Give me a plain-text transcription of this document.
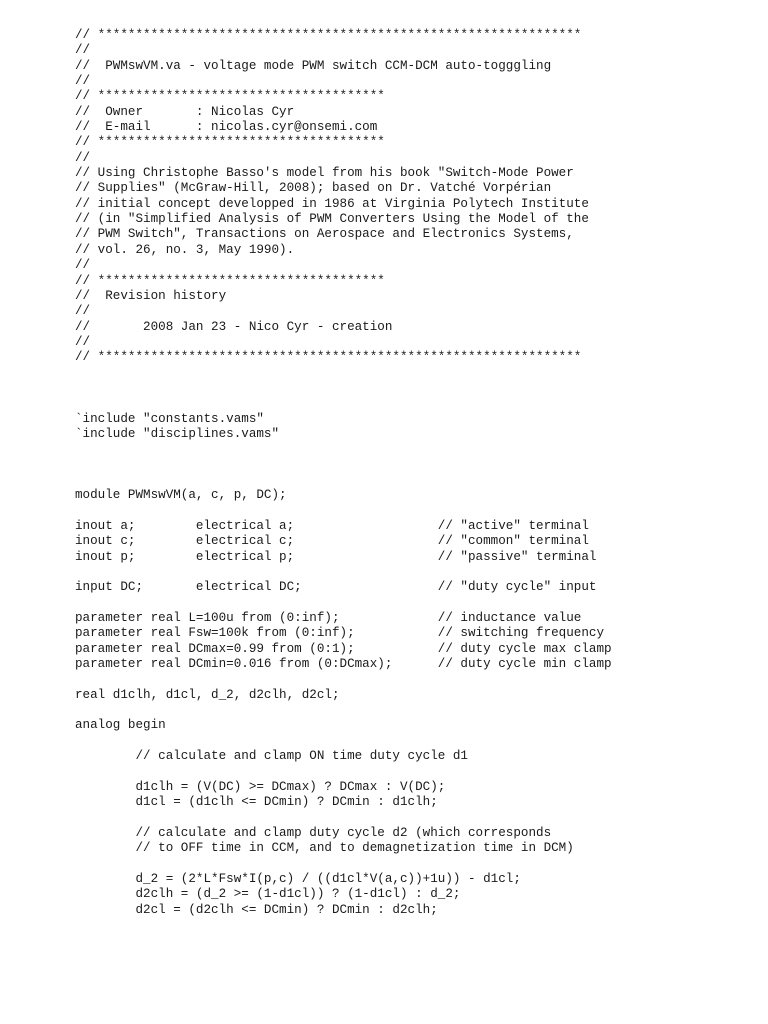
// ****************************************************************
//
//  PWMswVM.va - voltage mode PWM switch CCM-DCM auto-togggling
//
// **************************************
//  Owner       : Nicolas Cyr
//  E-mail      : nicolas.cyr@onsemi.com
// **************************************
//
// Using Christophe Basso's model from his book "Switch-Mode Power
// Supplies" (McGraw-Hill, 2008); based on Dr. Vatché Vorpérian
// initial concept developped in 1986 at Virginia Polytech Institute
// (in "Simplified Analysis of PWM Converters Using the Model of the
// PWM Switch", Transactions on Aerospace and Electronics Systems,
// vol. 26, no. 3, May 1990).
//
// **************************************
//  Revision history
//
//       2008 Jan 23 - Nico Cyr - creation
//
// ****************************************************************
`include "constants.vams"
`include "disciplines.vams"
module PWMswVM(a, c, p, DC);
inout a;        electrical a;                   // "active" terminal
inout c;        electrical c;                   // "common" terminal
inout p;        electrical p;                   // "passive" terminal
input DC;       electrical DC;                  // "duty cycle" input
parameter real L=100u from (0:inf);             // inductance value
parameter real Fsw=100k from (0:inf);           // switching frequency
parameter real DCmax=0.99 from (0:1);           // duty cycle max clamp
parameter real DCmin=0.016 from (0:DCmax);      // duty cycle min clamp
real d1clh, d1cl, d_2, d2clh, d2cl;
analog begin
// calculate and clamp ON time duty cycle d1
d1clh = (V(DC) >= DCmax) ? DCmax : V(DC);
d1cl = (d1clh <= DCmin) ? DCmin : d1clh;
// calculate and clamp duty cycle d2 (which corresponds
// to OFF time in CCM, and to demagnetization time in DCM)
d_2 = (2*L*Fsw*I(p,c) / ((d1cl*V(a,c))+1u)) - d1cl;
d2clh = (d_2 >= (1-d1cl)) ? (1-d1cl) : d_2;
d2cl = (d2clh <= DCmin) ? DCmin : d2clh;
